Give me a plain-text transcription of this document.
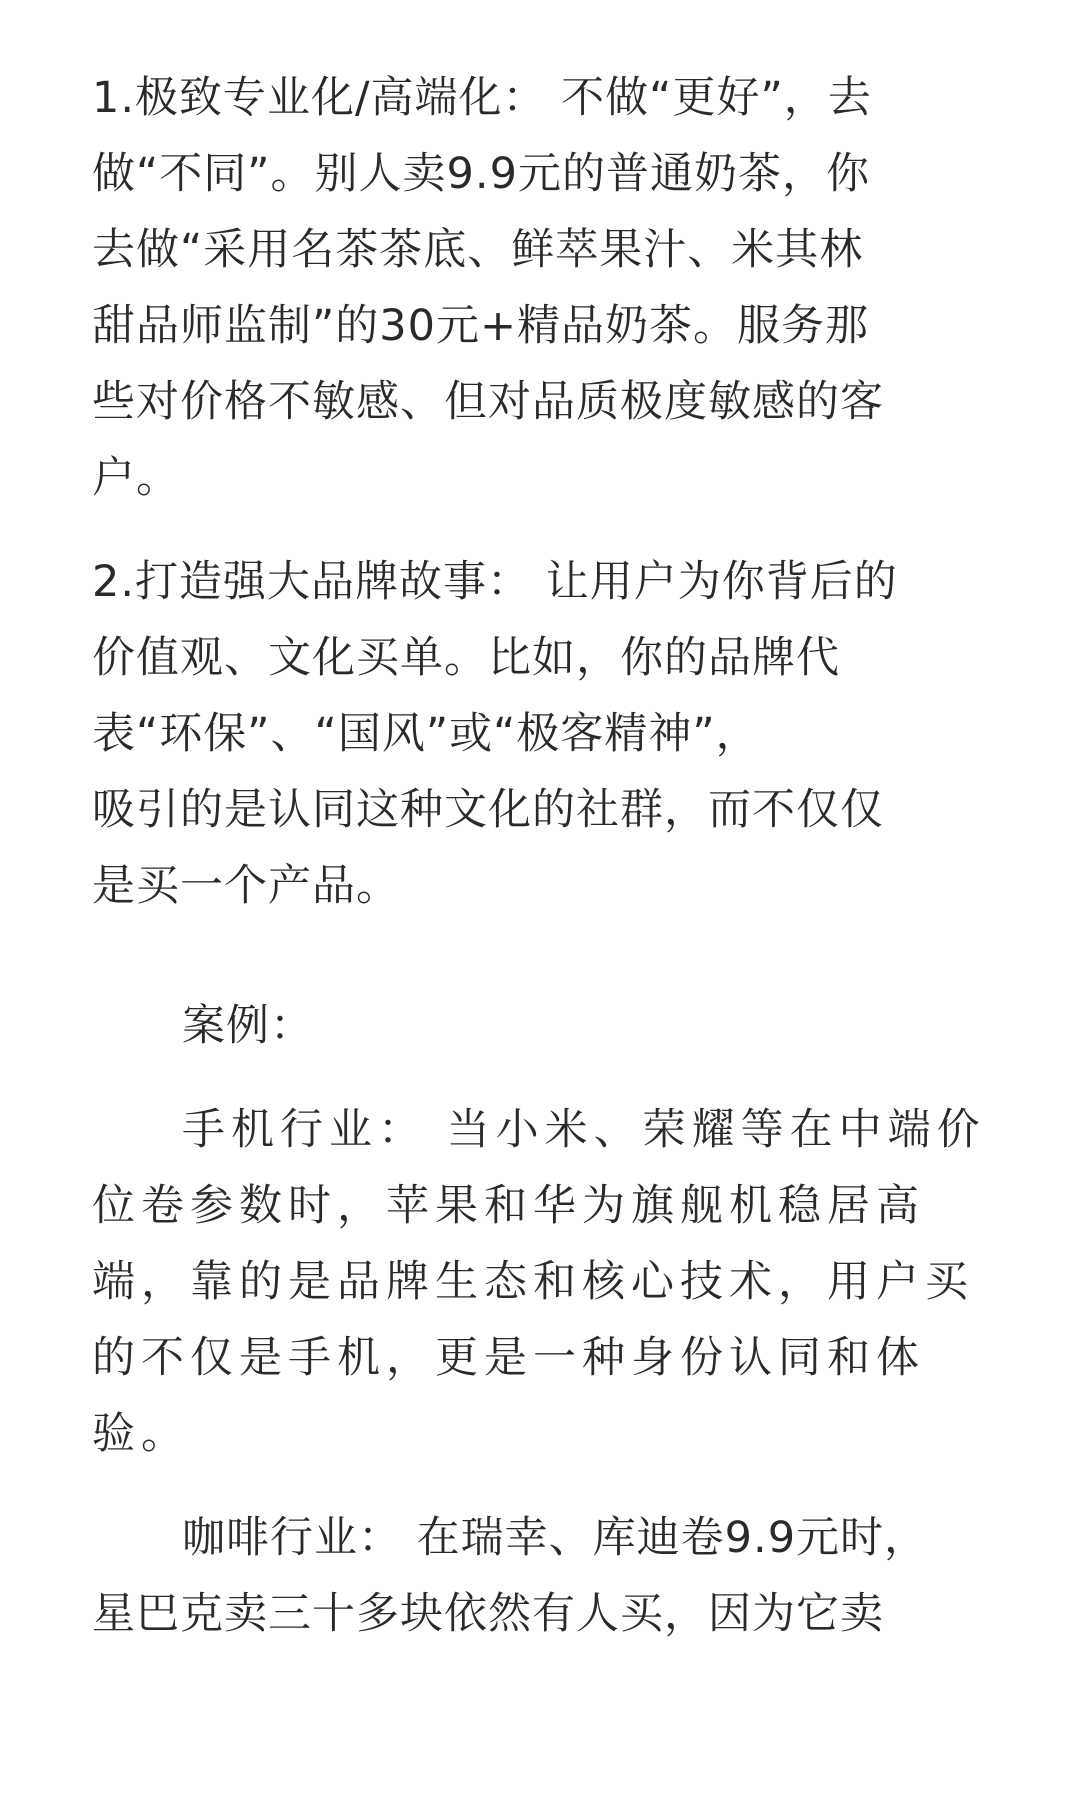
1.极致专业化/高端化： 不做“更好”，去
做“不同”。别人卖9.9元的普通奶茶，你
去做“采用名茶茶底、鲜萃果汁、米其林
甜品师监制”的30元+精品奶茶。服务那
些对价格不敏感、但对品质极度敏感的客
户。
2.打造强大品牌故事： 让用户为你背后的
价值观、文化买单。比如，你的品牌代
表“环保”、“国风”或“极客精神”，
吸引的是认同这种文化的社群，而不仅仅
是买一个产品。
案例：
手机行业： 当小米、荣耀等在中端价
位卷参数时，苹果和华为旗舰机稳居高
端，靠的是品牌生态和核心技术，用户买
的不仅是手机，更是一种身份认同和体
验。
咖啡行业： 在瑞幸、库迪卷9.9元时，
星巴克卖三十多块依然有人买，因为它卖
